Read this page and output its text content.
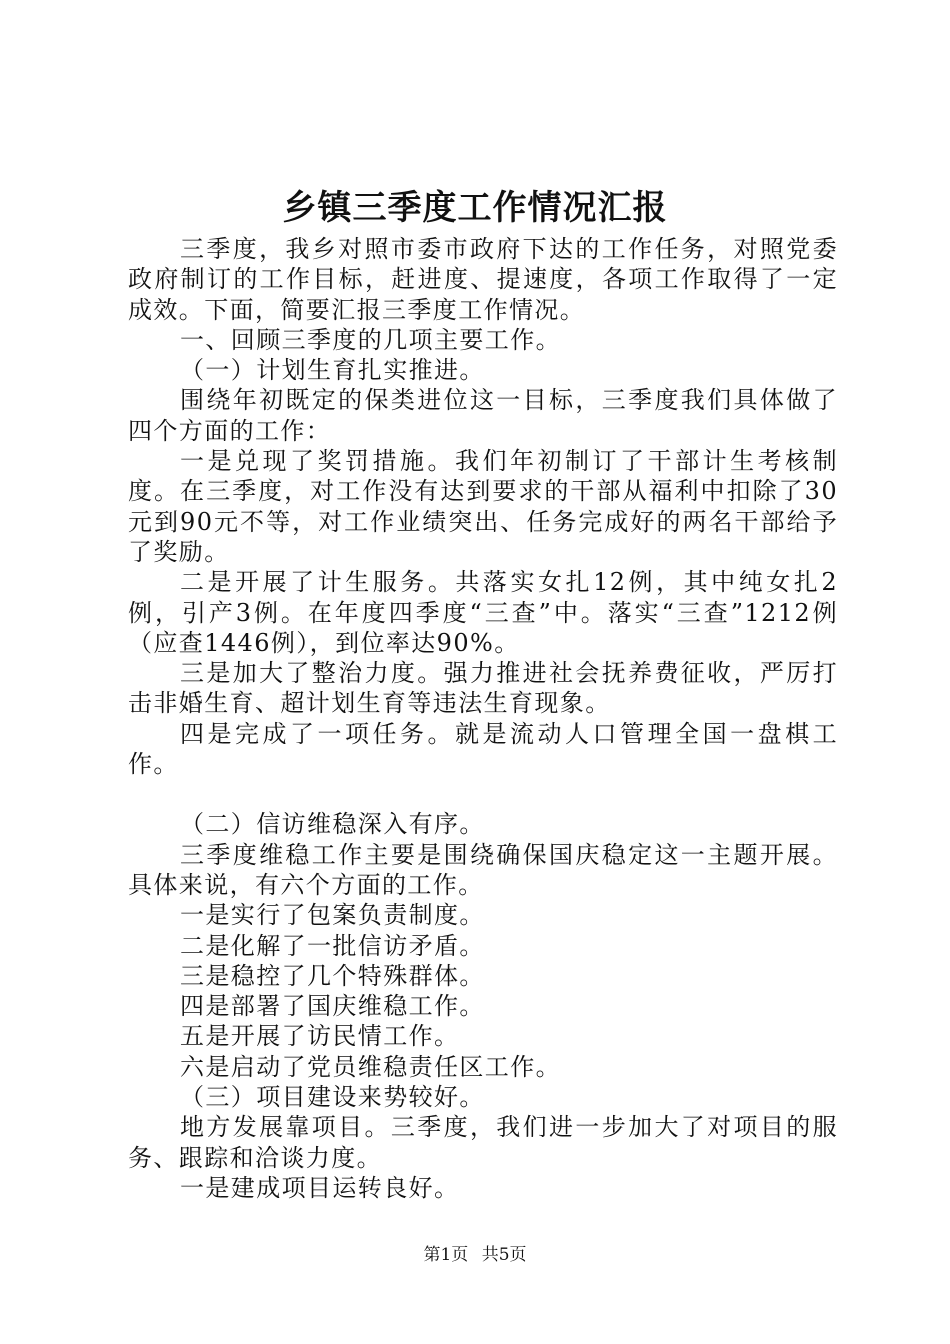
乡镇三季度工作情况汇报

三季度，我乡对照市委市政府下达的工作任务，对照党委政府制订的工作目标，赶进度、提速度，各项工作取得了一定成效。下面，简要汇报三季度工作情况。

一、回顾三季度的几项主要工作。

（一）计划生育扎实推进。

围绕年初既定的保类进位这一目标，三季度我们具体做了四个方面的工作：

一是兑现了奖罚措施。我们年初制订了干部计生考核制度。在三季度，对工作没有达到要求的干部从福利中扣除了30元到90元不等，对工作业绩突出、任务完成好的两名干部给予了奖励。

二是开展了计生服务。共落实女扎12例，其中纯女扎2例，引产3例。在年度四季度“三查”中。落实“三查”1212例（应查1446例），到位率达90%。

三是加大了整治力度。强力推进社会抚养费征收，严厉打击非婚生育、超计划生育等违法生育现象。

四是完成了一项任务。就是流动人口管理全国一盘棋工作。

（二）信访维稳深入有序。

三季度维稳工作主要是围绕确保国庆稳定这一主题开展。具体来说，有六个方面的工作。

一是实行了包案负责制度。

二是化解了一批信访矛盾。

三是稳控了几个特殊群体。

四是部署了国庆维稳工作。

五是开展了访民情工作。

六是启动了党员维稳责任区工作。

（三）项目建设来势较好。

地方发展靠项目。三季度，我们进一步加大了对项目的服务、跟踪和洽谈力度。

一是建成项目运转良好。

第1页 共5页
